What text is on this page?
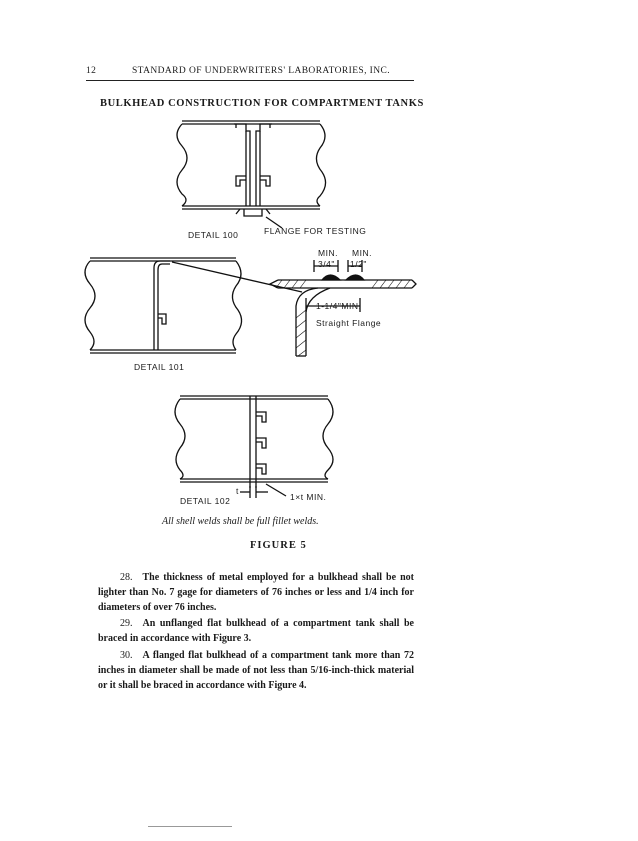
12	STANDARD OF UNDERWRITERS' LABORATORIES, INC.
BULKHEAD CONSTRUCTION FOR COMPARTMENT TANKS
DETAIL 100	FLANGE FOR TESTING
MIN. MIN.
3/4" 1/2"
1-1/4"MIN.
Straight Flange
DETAIL 101
DETAIL 102
t
1×t MIN.
All shell welds shall be full fillet welds.
FIGURE 5
28. The thickness of metal employed for a bulkhead shall be not lighter than No. 7 gage for diameters of 76 inches or less and 1/4 inch for diameters of over 76 inches.
29. An unflanged flat bulkhead of a compartment tank shall be braced in accordance with Figure 3.
30. A flanged flat bulkhead of a compartment tank more than 72 inches in diameter shall be made of not less than 5/16-inch-thick material or it shall be braced in accordance with Figure 4.
